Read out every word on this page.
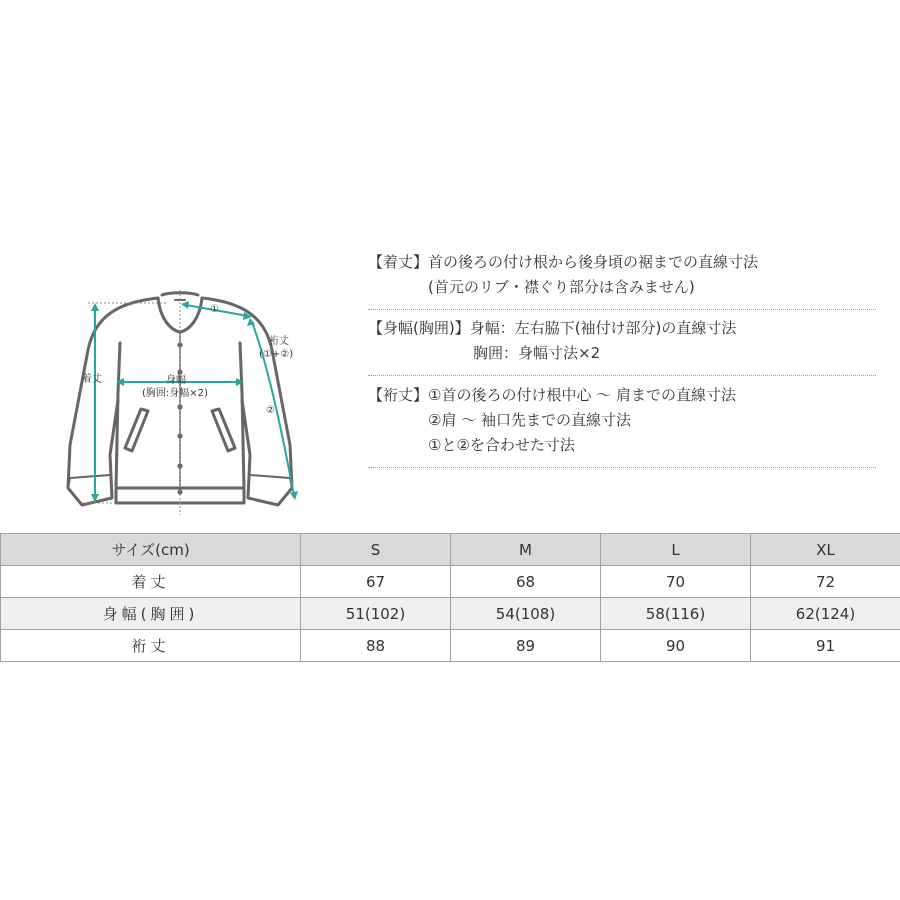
着丈	身幅
(胸囲:身幅×2)
裄丈
(①+②)
①
②
【着丈】首の後ろの付け根から後身頃の裾までの直線寸法
　　　　(首元のリブ・襟ぐり部分は含みません)
【身幅(胸囲)】身幅：左右脇下(袖付け部分)の直線寸法
　　　　　　　胸囲：身幅寸法×2
【裄丈】①首の後ろの付け根中心 ～ 肩までの直線寸法
　　　　②肩 ～ 袖口先までの直線寸法
　　　　①と②を合わせた寸法
サイズ(cm)	S	M	L	XL
着丈	67	68	70	72
身幅(胸囲)	51(102)	54(108)	58(116)	62(124)
裄丈	88	89	90	91
